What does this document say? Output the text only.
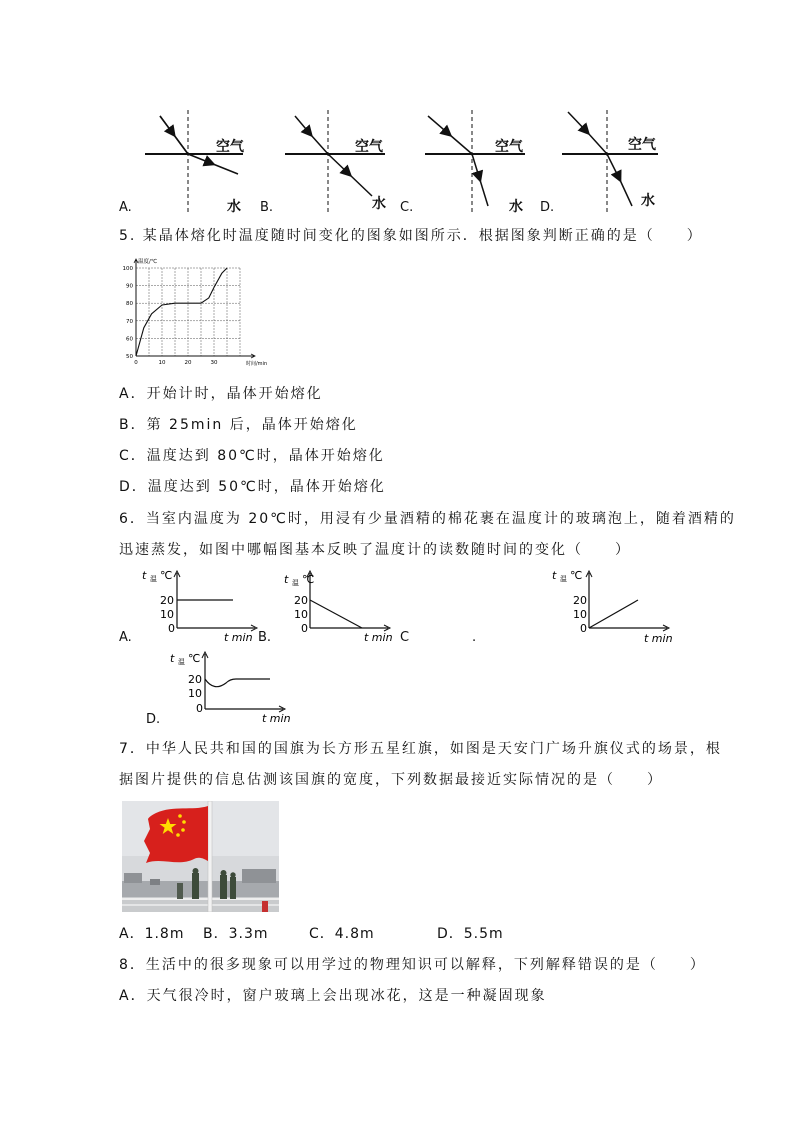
A.
空气
水 B.
空气
水 C.
空气
水 D.
空气
水
5. 某晶体熔化时温度随时间变化的图象如图所示．根据图象判断正确的是（　　）
50
60
70
80
90
100
0	10	20	30
温度/℃
时间/min
A．开始计时，晶体开始熔化
B．第 25min 后，晶体开始熔化
C．温度达到 80℃时，晶体开始熔化
D．温度达到 50℃时，晶体开始熔化
6．当室内温度为 20℃时，用浸有少量酒精的棉花裹在温度计的玻璃泡上，随着酒精的
迅速蒸发，如图中哪幅图基本反映了温度计的读数随时间的变化（　　）
t 温 ℃
20
10
0
t min
A.
t 温 ℃
20
10
0
t min
B.	C	.
t 温 ℃
20
10
0
t min
t 温 ℃
20
10
0
t min
D.
7．中华人民共和国的国旗为长方形五星红旗，如图是天安门广场升旗仪式的场景，根
据图片提供的信息估测该国旗的宽度，下列数据最接近实际情况的是（　　）
A．1.8m B．3.3m	C．4.8m	D．5.5m
8．生活中的很多现象可以用学过的物理知识可以解释，下列解释错误的是（　　）
A．天气很冷时，窗户玻璃上会出现冰花，这是一种凝固现象
